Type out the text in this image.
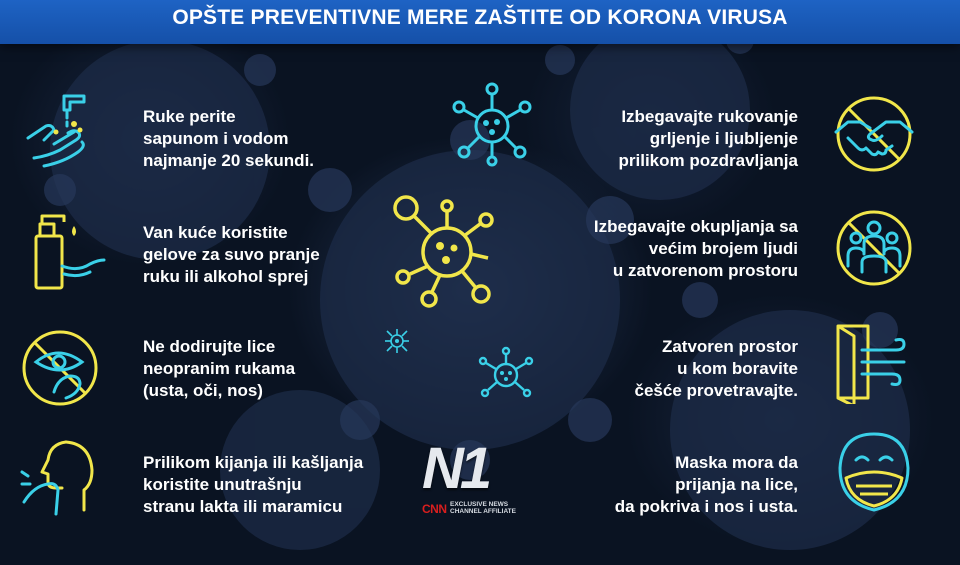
OPŠTE PREVENTIVNE MERE ZAŠTITE OD KORONA VIRUSA
Ruke perite
sapunom i vodom
najmanje 20 sekundi.
Van kuće koristite
gelove za suvo pranje
ruku ili alkohol sprej
Ne dodirujte lice
neopranim rukama
(usta, oči, nos)
Prilikom kijanja ili kašljanja
koristite unutrašnju
stranu lakta ili maramicu
Izbegavajte rukovanje
grljenje i ljubljenje
prilikom pozdravljanja
Izbegavajte okupljanja sa
većim brojem ljudi
u zatvorenom prostoru
Zatvoren prostor
u kom boravite
češće provetravajte.
Maska mora da
prijanja na lice,
da pokriva i nos i usta.
N1
CNN EXCLUSIVE NEWS
CHANNEL AFFILIATE
